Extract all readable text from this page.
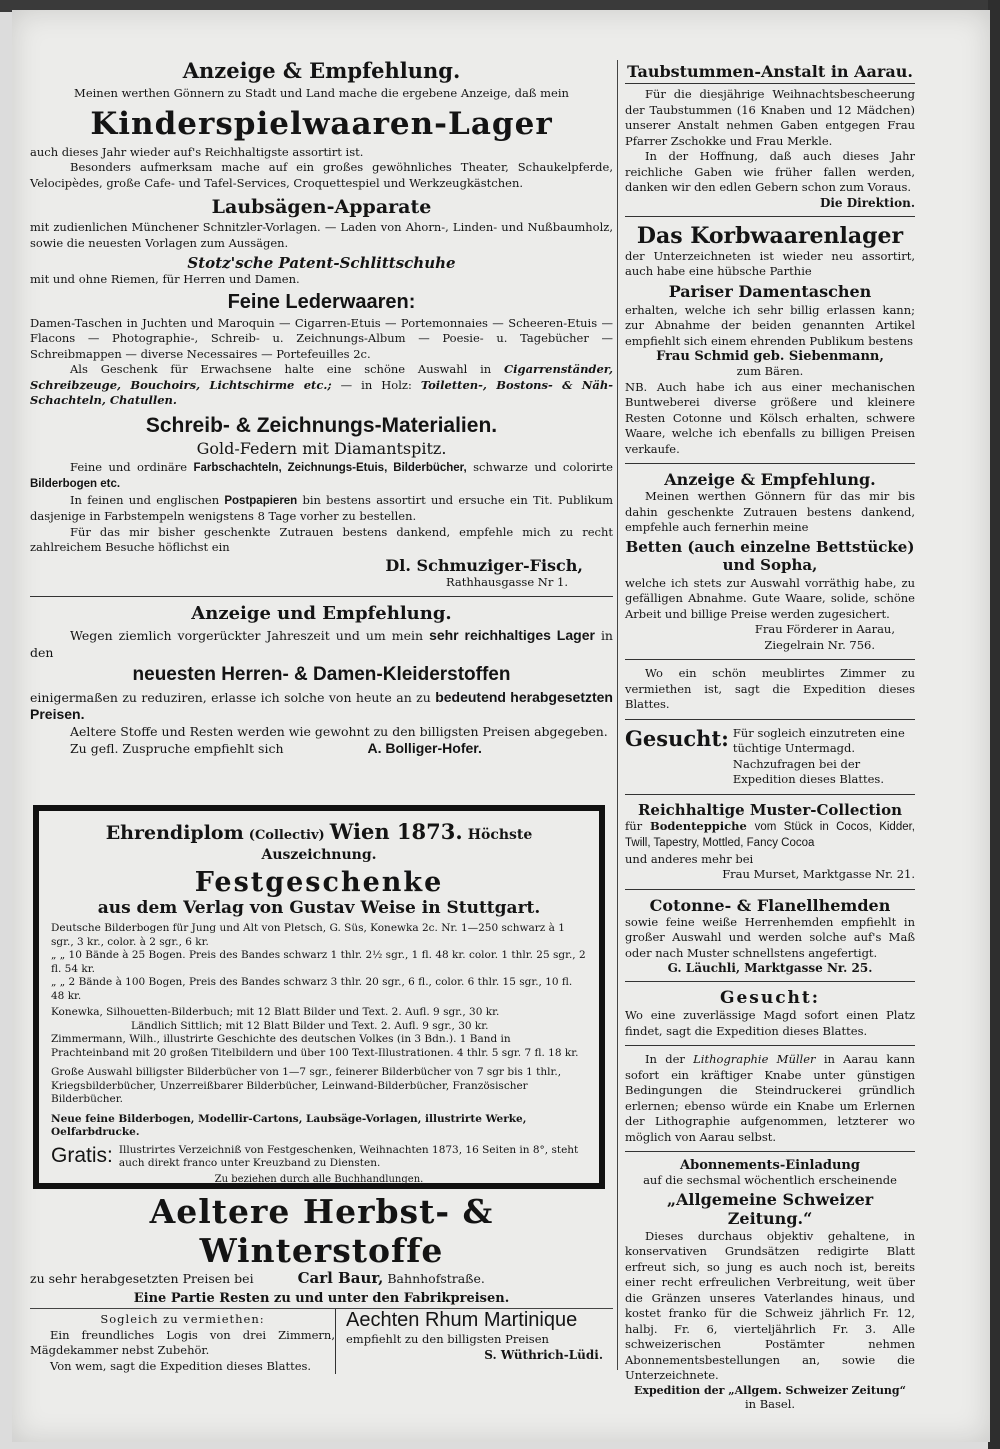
Anzeige & Empfehlung.

Meinen werthen Gönnern zu Stadt und Land mache die ergebene Anzeige, daß mein

Kinderspielwaaren-Lager

auch dieses Jahr wieder auf's Reichhaltigste assortirt ist.

Besonders aufmerksam mache auf ein großes gewöhnliches Theater, Schaukelpferde, Velocipèdes, große Cafe- und Tafel-Services, Croquettespiel und Werkzeugkästchen.

Laubsägen-Apparate

mit zudienlichen Münchener Schnitzler-Vorlagen. — Laden von Ahorn-, Linden- und Nußbaumholz, sowie die neuesten Vorlagen zum Aussägen.

Stotz'sche Patent-Schlittschuhe

mit und ohne Riemen, für Herren und Damen.

Feine Lederwaaren:

Damen-Taschen in Juchten und Maroquin — Cigarren-Etuis — Portemonnaies — Scheeren-Etuis — Flacons — Photographie-, Schreib- u. Zeichnungs-Album — Poesie- u. Tagebücher — Schreibmappen — diverse Necessaires — Portefeuilles 2c.

Als Geschenk für Erwachsene halte eine schöne Auswahl in Cigarrenständer, Schreibzeuge, Bouchoirs, Lichtschirme etc.; — in Holz: Toiletten-, Bostons- & Näh-Schachteln, Chatullen.

Schreib- & Zeichnungs-Materialien.

Gold-Federn mit Diamantspitz.

Feine und ordinäre Farbschachteln, Zeichnungs-Etuis, Bilderbücher, schwarze und colorirte Bilderbogen etc.

In feinen und englischen Postpapieren bin bestens assortirt und ersuche ein Tit. Publikum dasjenige in Farbstempeln wenigstens 8 Tage vorher zu bestellen.

Für das mir bisher geschenkte Zutrauen bestens dankend, empfehle mich zu recht zahlreichem Besuche höflichst ein

Dl. Schmuziger-Fisch,

Rathhausgasse Nr 1.

Anzeige und Empfehlung.

Wegen ziemlich vorgerückter Jahreszeit und um mein sehr reichhaltiges Lager in den

neuesten Herren- & Damen-Kleiderstoffen

einigermaßen zu reduziren, erlasse ich solche von heute an zu bedeutend herabgesetzten Preisen.

Aeltere Stoffe und Resten werden wie gewohnt zu den billigsten Preisen abgegeben.

Zu gefl. Zuspruche empfiehlt sich	A. Bolliger-Hofer.

Ehrendiplom (Collectiv) Wien 1873. Höchste Auszeichnung.

Festgeschenke

aus dem Verlag von Gustav Weise in Stuttgart.

Deutsche Bilderbogen für Jung und Alt von Pletsch, G. Süs, Konewka 2c. Nr. 1—250 schwarz à 1 sgr., 3 kr., color. à 2 sgr., 6 kr.

„ „ 10 Bände à 25 Bogen. Preis des Bandes schwarz 1 thlr. 2½ sgr., 1 fl. 48 kr. color. 1 thlr. 25 sgr., 2 fl. 54 kr.

„ „ 2 Bände à 100 Bogen, Preis des Bandes schwarz 3 thlr. 20 sgr., 6 fl., color. 6 thlr. 15 sgr., 10 fl. 48 kr.

Konewka, Silhouetten-Bilderbuch; mit 12 Blatt Bilder und Text. 2. Aufl. 9 sgr., 30 kr.

Ländlich Sittlich; mit 12 Blatt Bilder und Text. 2. Aufl. 9 sgr., 30 kr.

Zimmermann, Wilh., illustrirte Geschichte des deutschen Volkes (in 3 Bdn.). 1 Band in Prachteinband mit 20 großen Titelbildern und über 100 Text-Illustrationen. 4 thlr. 5 sgr. 7 fl. 18 kr.

Große Auswahl billigster Bilderbücher von 1—7 sgr., feinerer Bilderbücher von 7 sgr bis 1 thlr., Kriegsbilderbücher, Unzerreißbarer Bilderbücher, Leinwand-Bilderbücher, Französischer Bilderbücher.

Neue feine Bilderbogen, Modellir-Cartons, Laubsäge-Vorlagen, illustrirte Werke, Oelfarbdrucke.

Gratis: Illustrirtes Verzeichniß von Festgeschenken, Weihnachten 1873, 16 Seiten in 8°, steht auch direkt franco unter Kreuzband zu Diensten.

Zu beziehen durch alle Buchhandlungen.

Aeltere Herbst- & Winterstoffe

zu sehr herabgesetzten Preisen bei	Carl Baur, Bahnhofstraße.

Eine Partie Resten zu und unter den Fabrikpreisen.

Sogleich zu vermiethen:

Ein freundliches Logis von drei Zimmern, Mägdekammer nebst Zubehör.

Von wem, sagt die Expedition dieses Blattes.

Aechten Rhum Martinique

empfiehlt zu den billigsten Preisen

S. Wüthrich-Lüdi.

Taubstummen-Anstalt in Aarau.

Für die diesjährige Weihnachtsbescheerung der Taubstummen (16 Knaben und 12 Mädchen) unserer Anstalt nehmen Gaben entgegen Frau Pfarrer Zschokke und Frau Merkle.

In der Hoffnung, daß auch dieses Jahr reichliche Gaben wie früher fallen werden, danken wir den edlen Gebern schon zum Voraus.

Die Direktion.

Das Korbwaarenlager

der Unterzeichneten ist wieder neu assortirt, auch habe eine hübsche Parthie

Pariser Damentaschen

erhalten, welche ich sehr billig erlassen kann; zur Abnahme der beiden genannten Artikel empfiehlt sich einem ehrenden Publikum bestens

Frau Schmid geb. Siebenmann,

zum Bären.

NB. Auch habe ich aus einer mechanischen Buntweberei diverse größere und kleinere Resten Cotonne und Kölsch erhalten, schwere Waare, welche ich ebenfalls zu billigen Preisen verkaufe.

Anzeige & Empfehlung.

Meinen werthen Gönnern für das mir bis dahin geschenkte Zutrauen bestens dankend, empfehle auch fernerhin meine

Betten (auch einzelne Bettstücke) und Sopha,

welche ich stets zur Auswahl vorräthig habe, zu gefälligen Abnahme. Gute Waare, solide, schöne Arbeit und billige Preise werden zugesichert.

Frau Förderer in Aarau,

Ziegelrain Nr. 756.

Wo ein schön meublirtes Zimmer zu vermiethen ist, sagt die Expedition dieses Blattes.

Gesucht: Für sogleich einzutreten eine tüchtige Untermagd. Nachzufragen bei der Expedition dieses Blattes.

Reichhaltige Muster-Collection

für Bodenteppiche vom Stück in Cocos, Kidder, Twill, Tapestry, Mottled, Fancy Cocoa

und anderes mehr bei

Frau Murset, Marktgasse Nr. 21.

Cotonne- & Flanellhemden

sowie feine weiße Herrenhemden empfiehlt in großer Auswahl und werden solche auf's Maß oder nach Muster schnellstens angefertigt.

G. Läuchli, Marktgasse Nr. 25.

Gesucht:

Wo eine zuverlässige Magd sofort einen Platz findet, sagt die Expedition dieses Blattes.

In der Lithographie Müller in Aarau kann sofort ein kräftiger Knabe unter günstigen Bedingungen die Steindruckerei gründlich erlernen; ebenso würde ein Knabe um Erlernen der Lithographie aufgenommen, letzterer wo möglich von Aarau selbst.

Abonnements-Einladung

auf die sechsmal wöchentlich erscheinende

„Allgemeine Schweizer Zeitung.“

Dieses durchaus objektiv gehaltene, in konservativen Grundsätzen redigirte Blatt erfreut sich, so jung es auch noch ist, bereits einer recht erfreulichen Verbreitung, weit über die Gränzen unseres Vaterlandes hinaus, und kostet franko für die Schweiz jährlich Fr. 12, halbj. Fr. 6, vierteljährlich Fr. 3. Alle schweizerischen Postämter nehmen Abonnementsbestellungen an, sowie die Unterzeichnete.

Expedition der „Allgem. Schweizer Zeitung“

in Basel.
